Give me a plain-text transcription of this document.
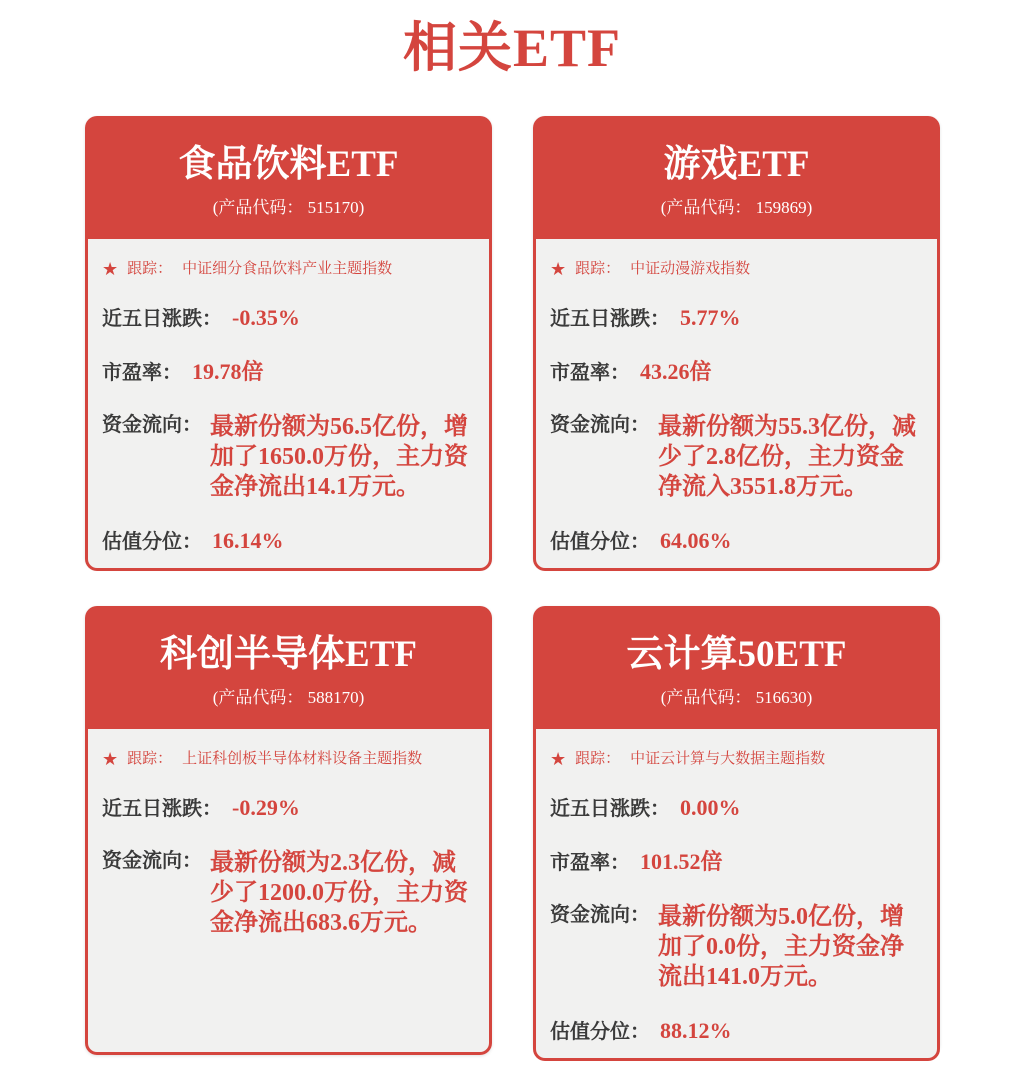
相关ETF
食品饮料ETF
(产品代码： 515170)
★ 跟踪： 中证细分食品饮料产业主题指数
近五日涨跌： -0.35%
市盈率： 19.78倍
资金流向： 最新份额为56.5亿份，增加了1650.0万份，主力资金净流出14.1万元。
估值分位： 16.14%
游戏ETF
(产品代码： 159869)
★ 跟踪： 中证动漫游戏指数
近五日涨跌： 5.77%
市盈率： 43.26倍
资金流向： 最新份额为55.3亿份，减少了2.8亿份，主力资金净流入3551.8万元。
估值分位： 64.06%
科创半导体ETF
(产品代码： 588170)
★ 跟踪： 上证科创板半导体材料设备主题指数
近五日涨跌： -0.29%
资金流向： 最新份额为2.3亿份，减少了1200.0万份，主力资金净流出683.6万元。
云计算50ETF
(产品代码： 516630)
★ 跟踪： 中证云计算与大数据主题指数
近五日涨跌： 0.00%
市盈率： 101.52倍
资金流向： 最新份额为5.0亿份，增加了0.0份，主力资金净流出141.0万元。
估值分位： 88.12%
